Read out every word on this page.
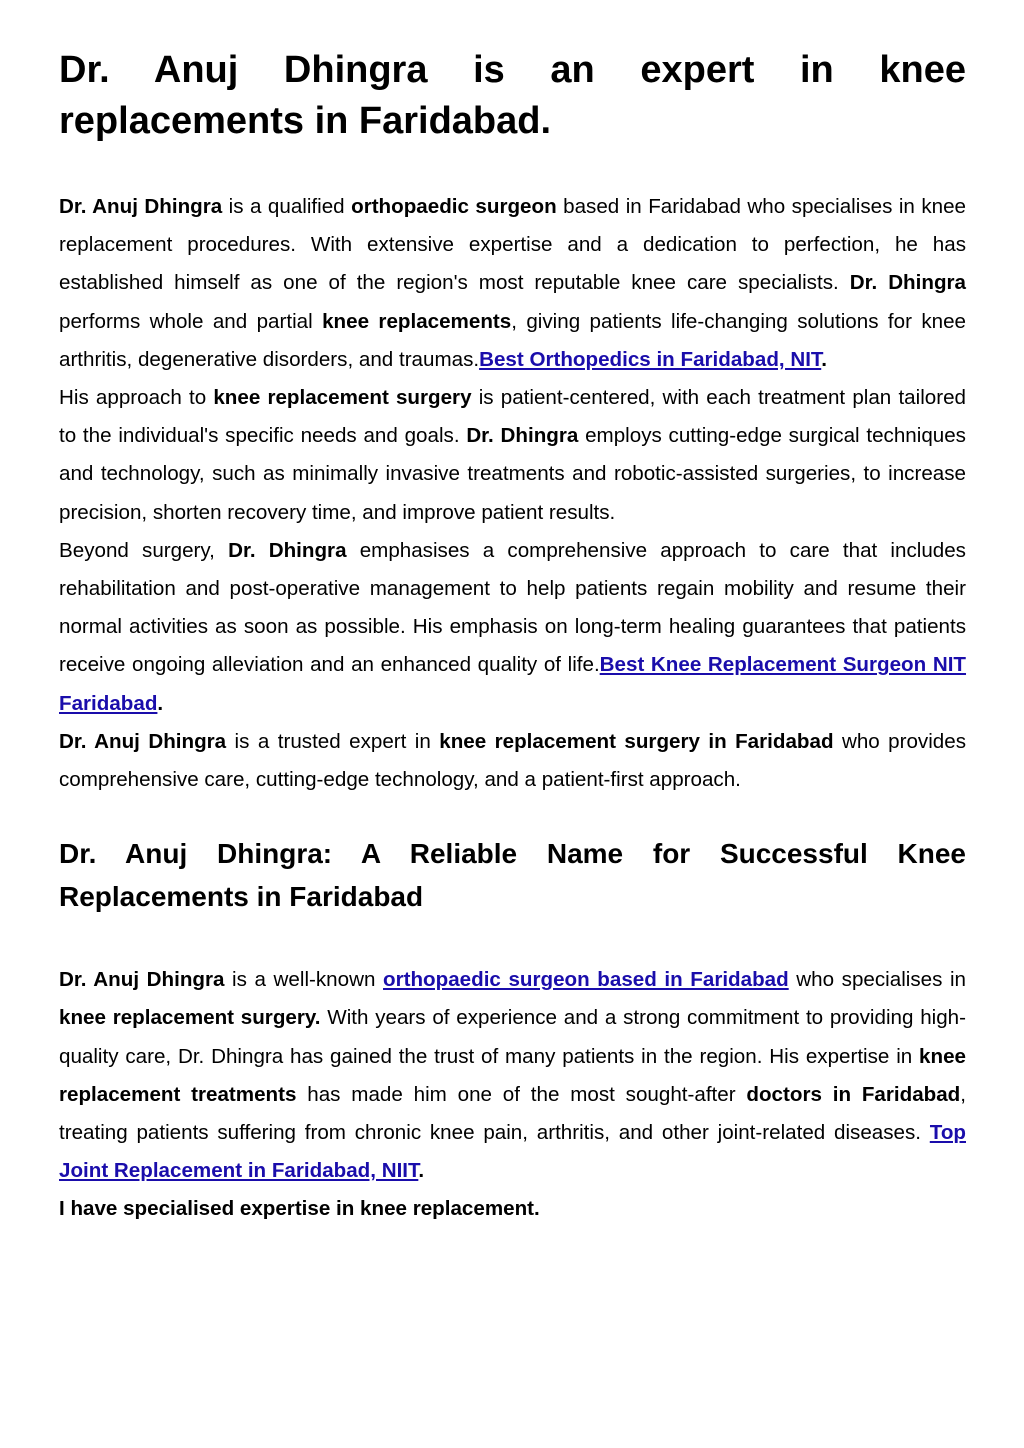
Dr. Anuj Dhingra is an expert in knee replacements in Faridabad.

Dr. Anuj Dhingra is a qualified orthopaedic surgeon based in Faridabad who specialises in knee replacement procedures. With extensive expertise and a dedication to perfection, he has established himself as one of the region's most reputable knee care specialists. Dr. Dhingra performs whole and partial knee replacements, giving patients life-changing solutions for knee arthritis, degenerative disorders, and traumas.Best Orthopedics in Faridabad, NIT.

His approach to knee replacement surgery is patient-centered, with each treatment plan tailored to the individual's specific needs and goals. Dr. Dhingra employs cutting-edge surgical techniques and technology, such as minimally invasive treatments and robotic-assisted surgeries, to increase precision, shorten recovery time, and improve patient results.

Beyond surgery, Dr. Dhingra emphasises a comprehensive approach to care that includes rehabilitation and post-operative management to help patients regain mobility and resume their normal activities as soon as possible. His emphasis on long-term healing guarantees that patients receive ongoing alleviation and an enhanced quality of life.Best Knee Replacement Surgeon NIT Faridabad.

Dr. Anuj Dhingra is a trusted expert in knee replacement surgery in Faridabad who provides comprehensive care, cutting-edge technology, and a patient-first approach.

Dr. Anuj Dhingra: A Reliable Name for Successful Knee Replacements in Faridabad

Dr. Anuj Dhingra is a well-known orthopaedic surgeon based in Faridabad who specialises in knee replacement surgery. With years of experience and a strong commitment to providing high-quality care, Dr. Dhingra has gained the trust of many patients in the region. His expertise in knee replacement treatments has made him one of the most sought-after doctors in Faridabad, treating patients suffering from chronic knee pain, arthritis, and other joint-related diseases. Top Joint Replacement in Faridabad, NIIT.

I have specialised expertise in knee replacement.
